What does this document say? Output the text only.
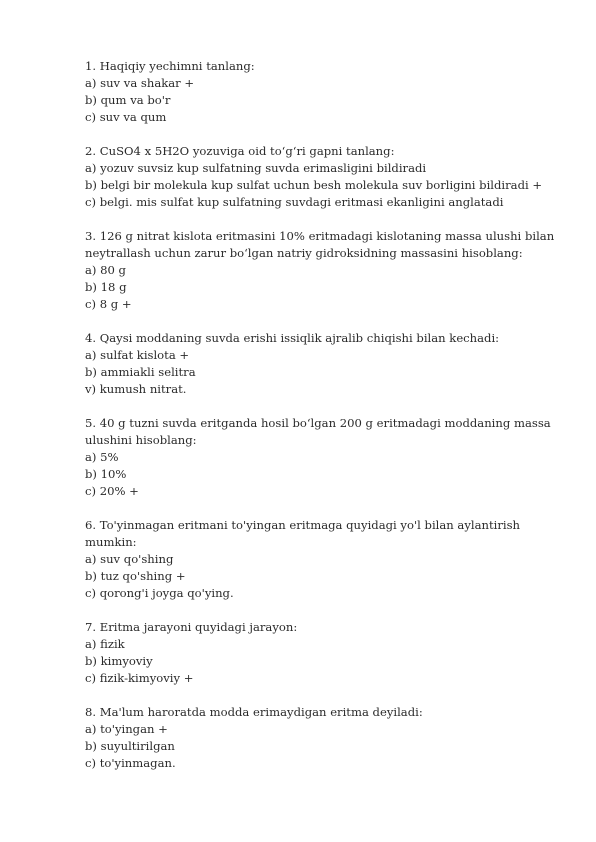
1. Haqiqiy yechimni tanlang:
a) suv va shakar +
b) qum va bo'r
c) suv va qum
2. CuSO4 x 5H2O yozuviga oid to‘g‘ri gapni tanlang:
a) yozuv suvsiz kup sulfatning suvda erimasligini bildiradi
b) belgi bir molekula kup sulfat uchun besh molekula suv borligini bildiradi +
c) belgi. mis sulfat kup sulfatning suvdagi eritmasi ekanligini anglatadi
3. 126 g nitrat kislota eritmasini 10% eritmadagi kislotaning massa ulushi bilan
neytrallash uchun zarur bo‘lgan natriy gidroksidning massasini hisoblang:
a) 80 g
b) 18 g
c) 8 g +
4. Qaysi moddaning suvda erishi issiqlik ajralib chiqishi bilan kechadi:
a) sulfat kislota +
b) ammiakli selitra
v) kumush nitrat.
5. 40 g tuzni suvda eritganda hosil bo‘lgan 200 g eritmadagi moddaning massa
ulushini hisoblang:
a) 5%
b) 10%
c) 20% +
6. To'yinmagan eritmani to'yingan eritmaga quyidagi yo'l bilan aylantirish
mumkin:
a) suv qo'shing
b) tuz qo'shing +
c) qorong'i joyga qo'ying.
7. Eritma jarayoni quyidagi jarayon:
a) fizik
b) kimyoviy
c) fizik-kimyoviy +
8. Ma'lum haroratda modda erimaydigan eritma deyiladi:
a) to'yingan +
b) suyultirilgan
c) to'yinmagan.
